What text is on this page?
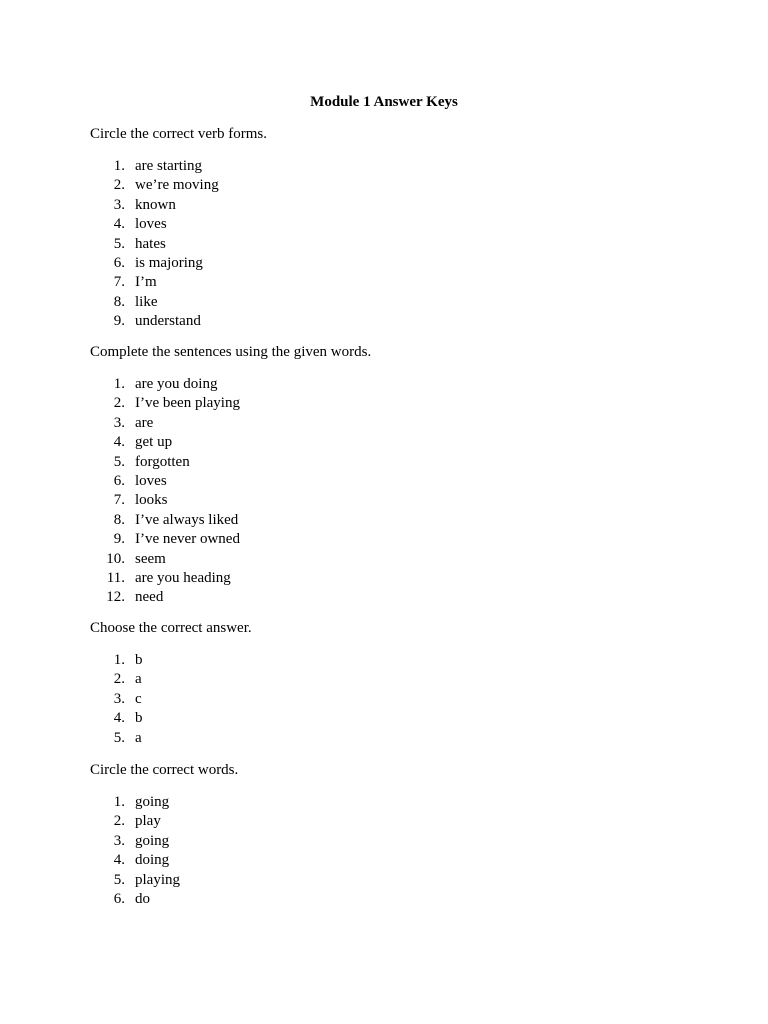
Module 1 Answer Keys

Circle the correct verb forms.

1. are starting
2. we’re moving
3. known
4. loves
5. hates
6. is majoring
7. I’m
8. like
9. understand

Complete the sentences using the given words.

1. are you doing
2. I’ve been playing
3. are
4. get up
5. forgotten
6. loves
7. looks
8. I’ve always liked
9. I’ve never owned
10. seem
11. are you heading
12. need

Choose the correct answer.

1. b
2. a
3. c
4. b
5. a

Circle the correct words.

1. going
2. play
3. going
4. doing
5. playing
6. do
